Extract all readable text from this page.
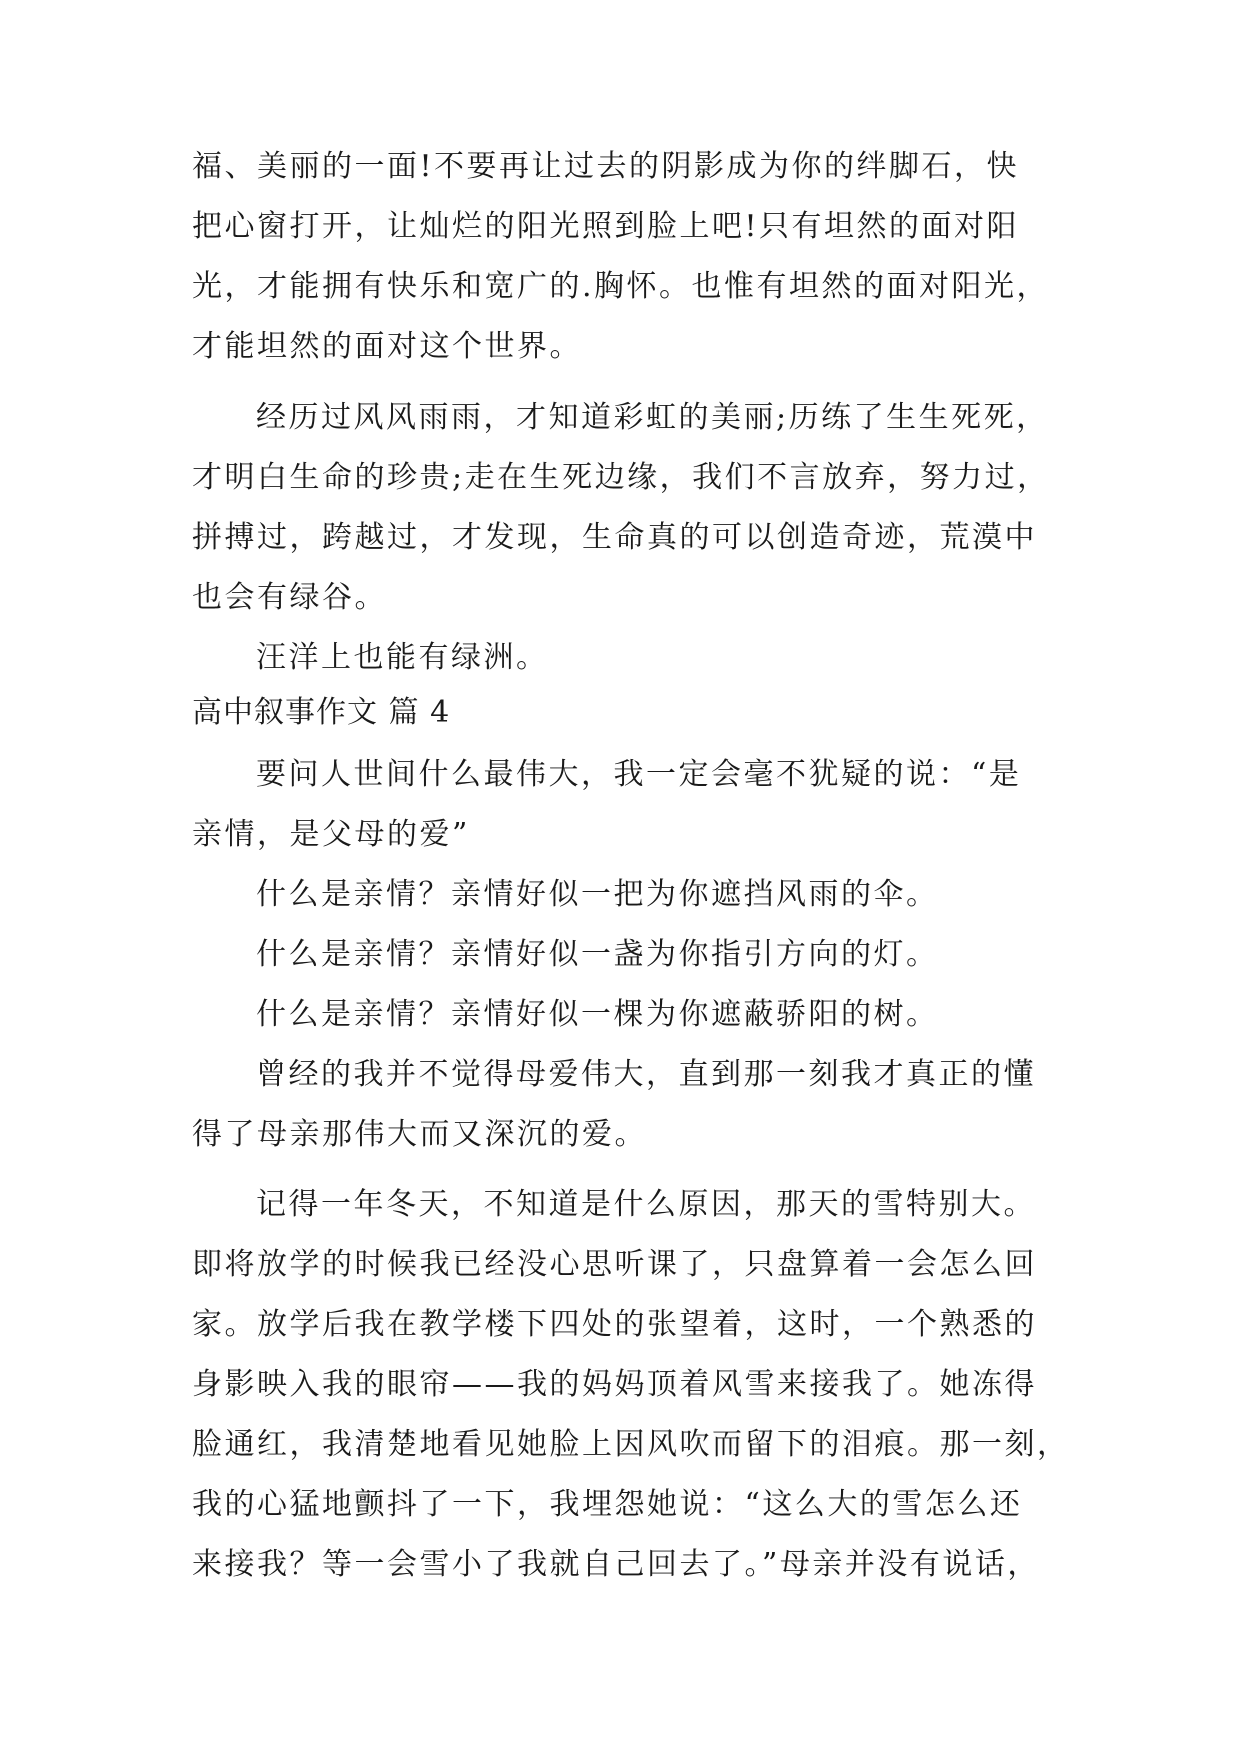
福、美丽的一面!不要再让过去的阴影成为你的绊脚石，快
把心窗打开，让灿烂的阳光照到脸上吧!只有坦然的面对阳
光，才能拥有快乐和宽广的.胸怀。也惟有坦然的面对阳光，
才能坦然的面对这个世界。
经历过风风雨雨，才知道彩虹的美丽;历练了生生死死，
才明白生命的珍贵;走在生死边缘，我们不言放弃，努力过，
拼搏过，跨越过，才发现，生命真的可以创造奇迹，荒漠中
也会有绿谷。
汪洋上也能有绿洲。
高中叙事作文 篇 4
要问人世间什么最伟大，我一定会毫不犹疑的说：“是
亲情，是父母的爱”
什么是亲情？亲情好似一把为你遮挡风雨的伞。
什么是亲情？亲情好似一盏为你指引方向的灯。
什么是亲情？亲情好似一棵为你遮蔽骄阳的树。
曾经的我并不觉得母爱伟大，直到那一刻我才真正的懂
得了母亲那伟大而又深沉的爱。
记得一年冬天，不知道是什么原因，那天的雪特别大。
即将放学的时候我已经没心思听课了，只盘算着一会怎么回
家。放学后我在教学楼下四处的张望着，这时，一个熟悉的
身影映入我的眼帘——我的妈妈顶着风雪来接我了。她冻得
脸通红，我清楚地看见她脸上因风吹而留下的泪痕。那一刻，
我的心猛地颤抖了一下，我埋怨她说：“这么大的雪怎么还
来接我？等一会雪小了我就自己回去了。”母亲并没有说话，
